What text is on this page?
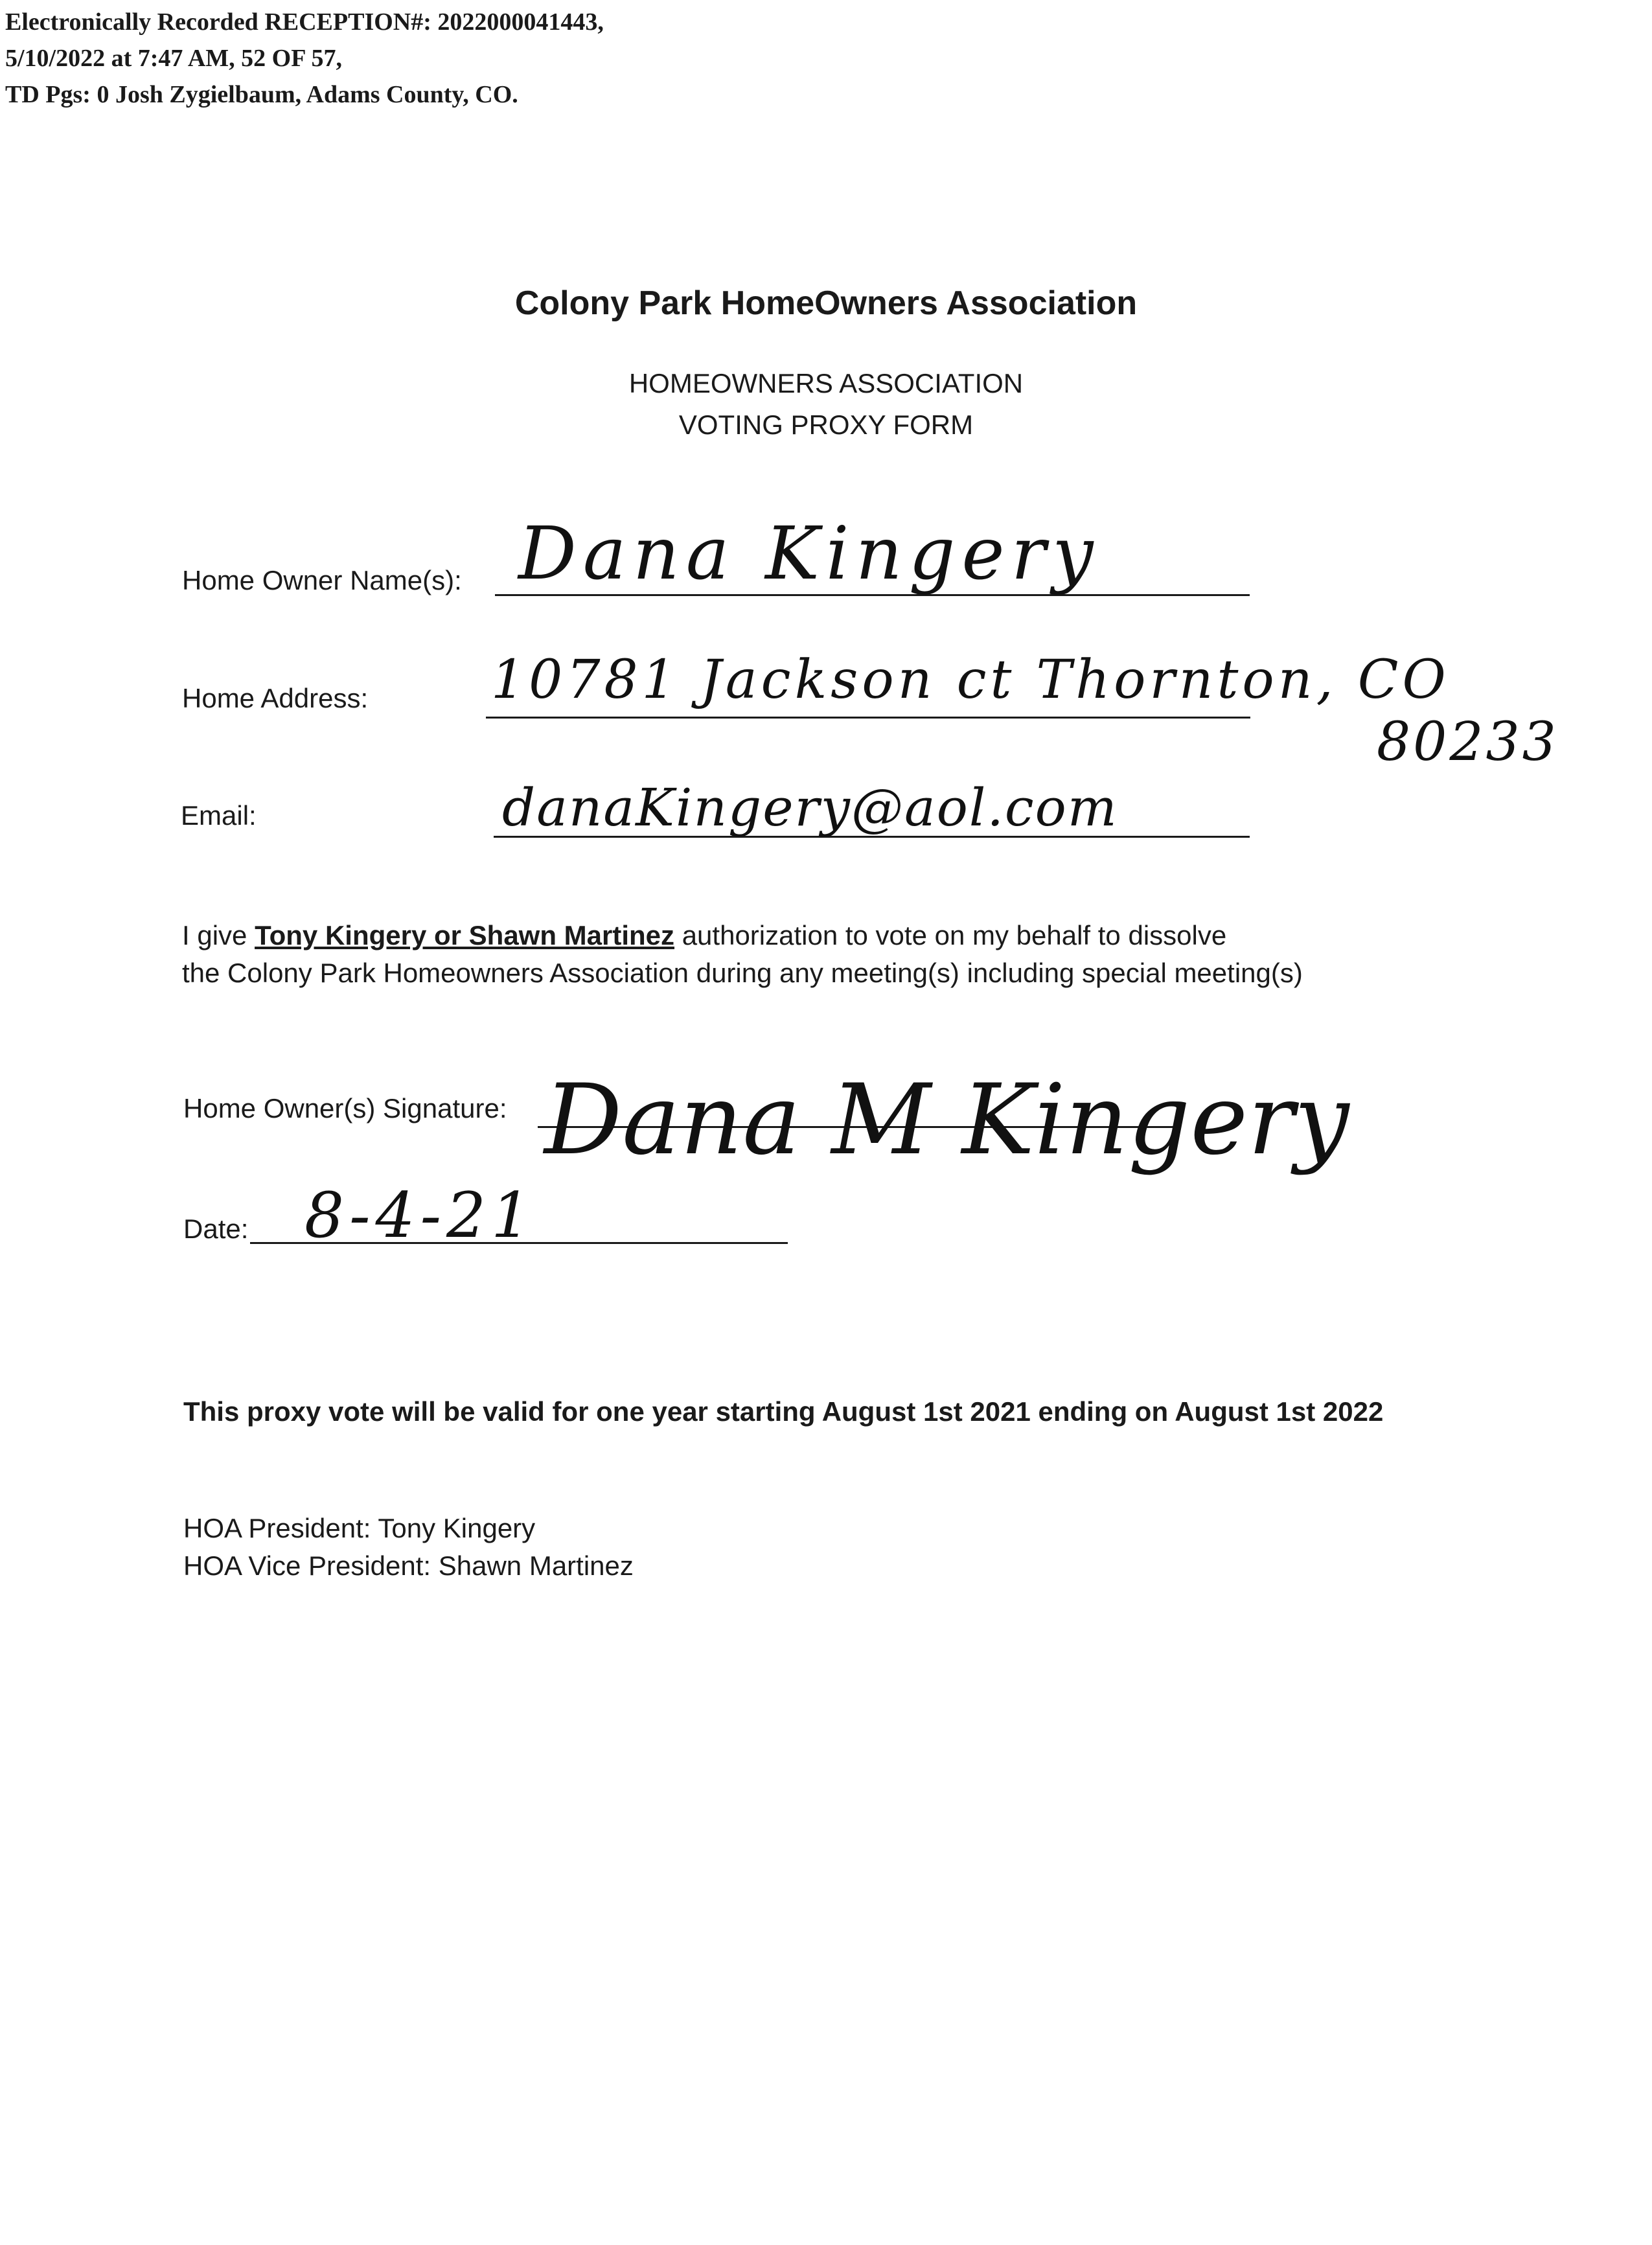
Electronically Recorded RECEPTION#: 2022000041443,
5/10/2022 at 7:47 AM, 52 OF 57,
TD Pgs: 0 Josh Zygielbaum, Adams County, CO.
Colony Park HomeOwners Association
HOMEOWNERS ASSOCIATION
VOTING PROXY FORM
Home Owner Name(s): Dana Kingery
Home Address: 10781 Jackson ct Thornton, CO
80233
Email:	danaKingery@aol.com
I give Tony Kingery or Shawn Martinez authorization to vote on my behalf to dissolve
the Colony Park Homeowners Association during any meeting(s) including special meeting(s)
Home Owner(s) Signature: Dana M Kingery
Date: 8-4-21
This proxy vote will be valid for one year starting August 1st 2021 ending on August 1st 2022
HOA President: Tony Kingery
HOA Vice President: Shawn Martinez
